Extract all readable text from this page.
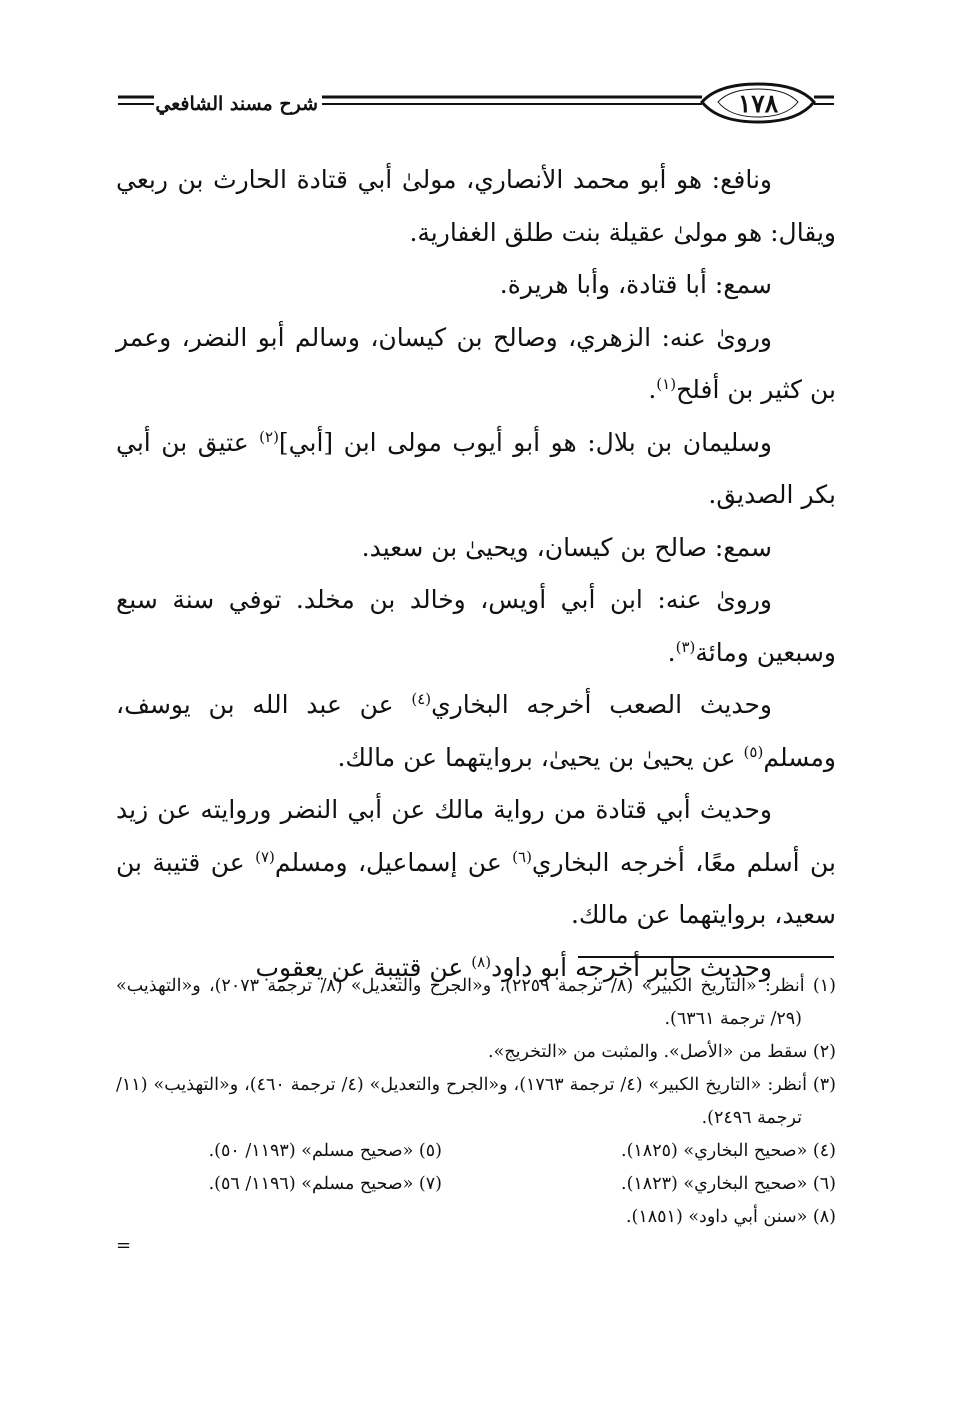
١٧٨
شرح مسند الشافعي

ونافع: هو أبو محمد الأنصاري، مولىٰ أبي قتادة الحارث بن ربعي ويقال: هو مولىٰ عقيلة بنت طلق الغفارية.

سمع: أبا قتادة، وأبا هريرة.

وروىٰ عنه: الزهري، وصالح بن كيسان، وسالم أبو النضر، وعمر بن كثير بن أفلح$^{(١)}$.

وسليمان بن بلال: هو أبو أيوب مولى ابن [أبي]$^{(٢)}$ عتيق بن أبي بكر الصديق.

سمع: صالح بن كيسان، ويحيىٰ بن سعيد.

وروىٰ عنه: ابن أبي أويس، وخالد بن مخلد. توفي سنة سبع وسبعين ومائة$^{(٣)}$.

وحديث الصعب أخرجه البخاري$^{(٤)}$ عن عبد الله بن يوسف، ومسلم$^{(٥)}$ عن يحيىٰ بن يحيىٰ، بروايتهما عن مالك.

وحديث أبي قتادة من رواية مالك عن أبي النضر وروايته عن زيد بن أسلم معًا، أخرجه البخاري$^{(٦)}$ عن إسماعيل، ومسلم$^{(٧)}$ عن قتيبة بن سعيد، بروايتهما عن مالك.

وحديث جابر أخرجه أبو داود$^{(٨)}$ عن قتيبة عن يعقوب

(١) أنظر: «التاريخ الكبير» (٨/ ترجمة ٢٢٥٩)، و«الجرح والتعديل» (٨/ ترجمة ٢٠٧٣)، و«التهذيب» (٢٩/ ترجمة ٦٣٦١).
(٢) سقط من «الأصل». والمثبت من «التخريج».
(٣) أنظر: «التاريخ الكبير» (٤/ ترجمة ١٧٦٣)، و«الجرح والتعديل» (٤/ ترجمة ٤٦٠)، و«التهذيب» (١١/ ترجمة ٢٤٩٦).
(٤) «صحيح البخاري» (١٨٢٥).
(٥) «صحيح مسلم» (١١٩٣/ ٥٠).
(٦) «صحيح البخاري» (١٨٢٣).
(٧) «صحيح مسلم» (١١٩٦/ ٥٦).
(٨) «سنن أبي داود» (١٨٥١).
=
